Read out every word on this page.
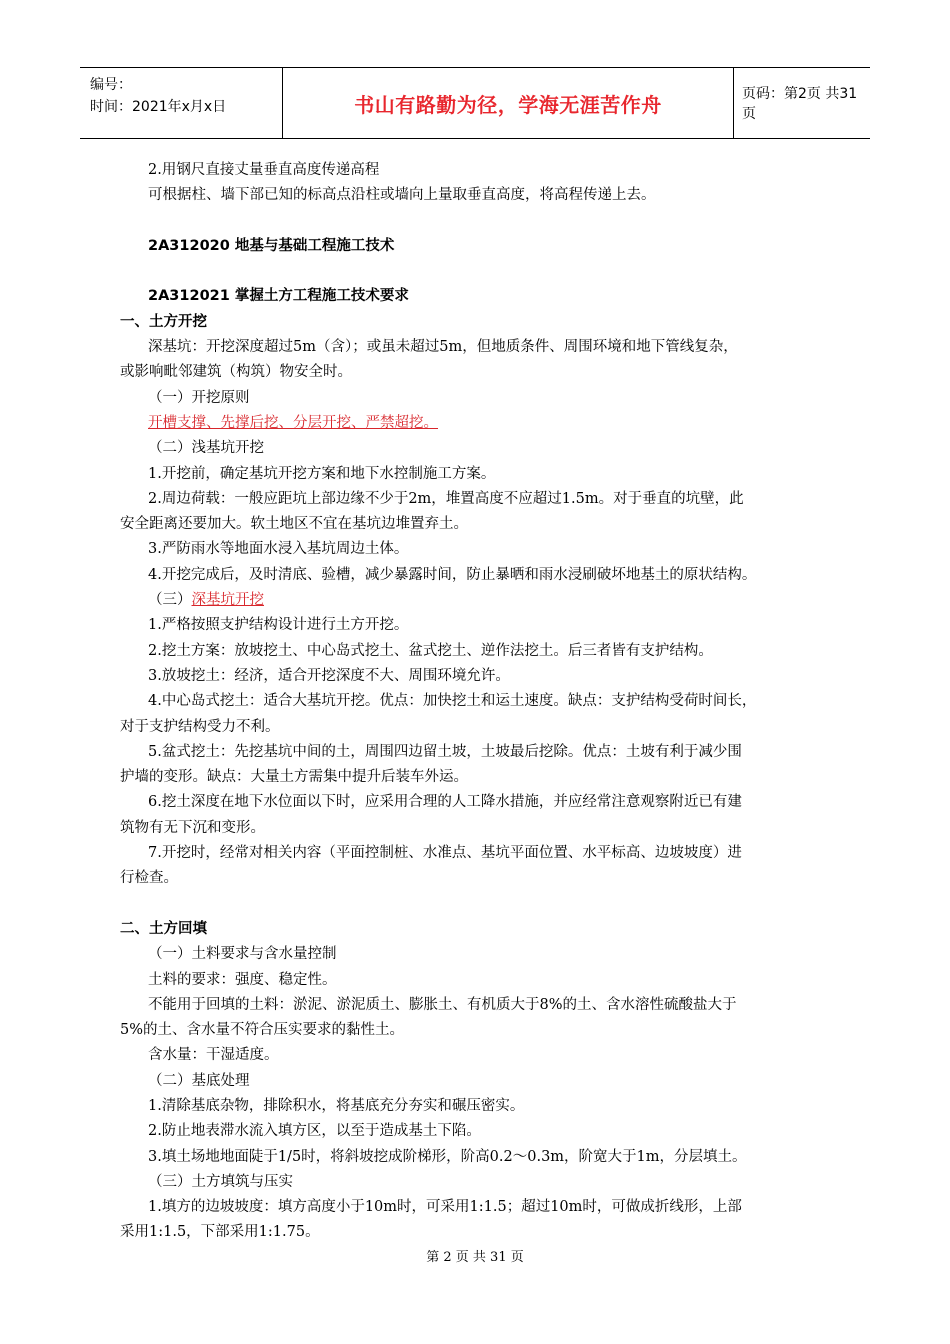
编号：
时间：2021年x月x日	书山有路勤为径，学海无涯苦作舟	页码：第2页 共31页

2.用钢尺直接丈量垂直高度传递高程

可根据柱、墙下部已知的标高点沿柱或墙向上量取垂直高度，将高程传递上去。

2A312020 地基与基础工程施工技术

2A312021 掌握土方工程施工技术要求

一、土方开挖

深基坑：开挖深度超过5m（含）；或虽未超过5m，但地质条件、周围环境和地下管线复杂，

或影响毗邻建筑（构筑）物安全时。

（一）开挖原则

开槽支撑、先撑后挖、分层开挖、严禁超挖。

（二）浅基坑开挖

1.开挖前，确定基坑开挖方案和地下水控制施工方案。

2.周边荷载：一般应距坑上部边缘不少于2m，堆置高度不应超过1.5m。对于垂直的坑壁，此

安全距离还要加大。软土地区不宜在基坑边堆置弃土。

3.严防雨水等地面水浸入基坑周边土体。

4.开挖完成后，及时清底、验槽，减少暴露时间，防止暴晒和雨水浸刷破坏地基土的原状结构。

（三）深基坑开挖

1.严格按照支护结构设计进行土方开挖。

2.挖土方案：放坡挖土、中心岛式挖土、盆式挖土、逆作法挖土。后三者皆有支护结构。

3.放坡挖土：经济，适合开挖深度不大、周围环境允许。

4.中心岛式挖土：适合大基坑开挖。优点：加快挖土和运土速度。缺点：支护结构受荷时间长，

对于支护结构受力不利。

5.盆式挖土：先挖基坑中间的土，周围四边留土坡，土坡最后挖除。优点：土坡有利于减少围

护墙的变形。缺点：大量土方需集中提升后装车外运。

6.挖土深度在地下水位面以下时，应采用合理的人工降水措施，并应经常注意观察附近已有建

筑物有无下沉和变形。

7.开挖时，经常对相关内容（平面控制桩、水准点、基坑平面位置、水平标高、边坡坡度）进

行检查。

二、土方回填

（一）土料要求与含水量控制

土料的要求：强度、稳定性。

不能用于回填的土料：淤泥、淤泥质土、膨胀土、有机质大于8%的土、含水溶性硫酸盐大于

5%的土、含水量不符合压实要求的黏性土。

含水量：干湿适度。

（二）基底处理

1.清除基底杂物，排除积水，将基底充分夯实和碾压密实。

2.防止地表滞水流入填方区，以至于造成基土下陷。

3.填土场地地面陡于1/5时，将斜坡挖成阶梯形，阶高0.2～0.3m，阶宽大于1m，分层填土。

（三）土方填筑与压实

1.填方的边坡坡度：填方高度小于10m时，可采用1:1.5；超过10m时，可做成折线形，上部

采用1:1.5，下部采用1:1.75。

第 2 页 共 31 页
